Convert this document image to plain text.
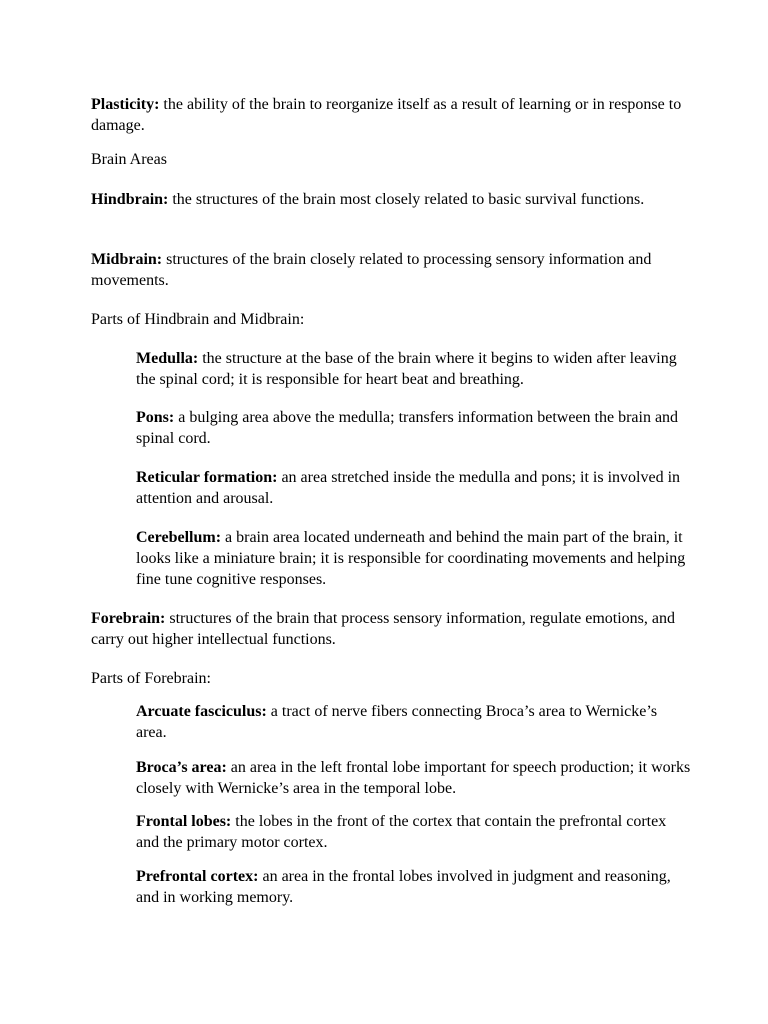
Plasticity: the ability of the brain to reorganize itself as a result of learning or in response to damage.

Brain Areas

Hindbrain: the structures of the brain most closely related to basic survival functions.

Midbrain: structures of the brain closely related to processing sensory information and movements.

Parts of Hindbrain and Midbrain:

Medulla: the structure at the base of the brain where it begins to widen after leaving the spinal cord; it is responsible for heart beat and breathing.

Pons: a bulging area above the medulla; transfers information between the brain and spinal cord.

Reticular formation: an area stretched inside the medulla and pons; it is involved in attention and arousal.

Cerebellum: a brain area located underneath and behind the main part of the brain, it looks like a miniature brain; it is responsible for coordinating movements and helping fine tune cognitive responses.

Forebrain: structures of the brain that process sensory information, regulate emotions, and carry out higher intellectual functions.

Parts of Forebrain:

Arcuate fasciculus: a tract of nerve fibers connecting Broca’s area to Wernicke’s area.

Broca’s area: an area in the left frontal lobe important for speech production; it works closely with Wernicke’s area in the temporal lobe.

Frontal lobes: the lobes in the front of the cortex that contain the prefrontal cortex and the primary motor cortex.

Prefrontal cortex: an area in the frontal lobes involved in judgment and reasoning, and in working memory.
